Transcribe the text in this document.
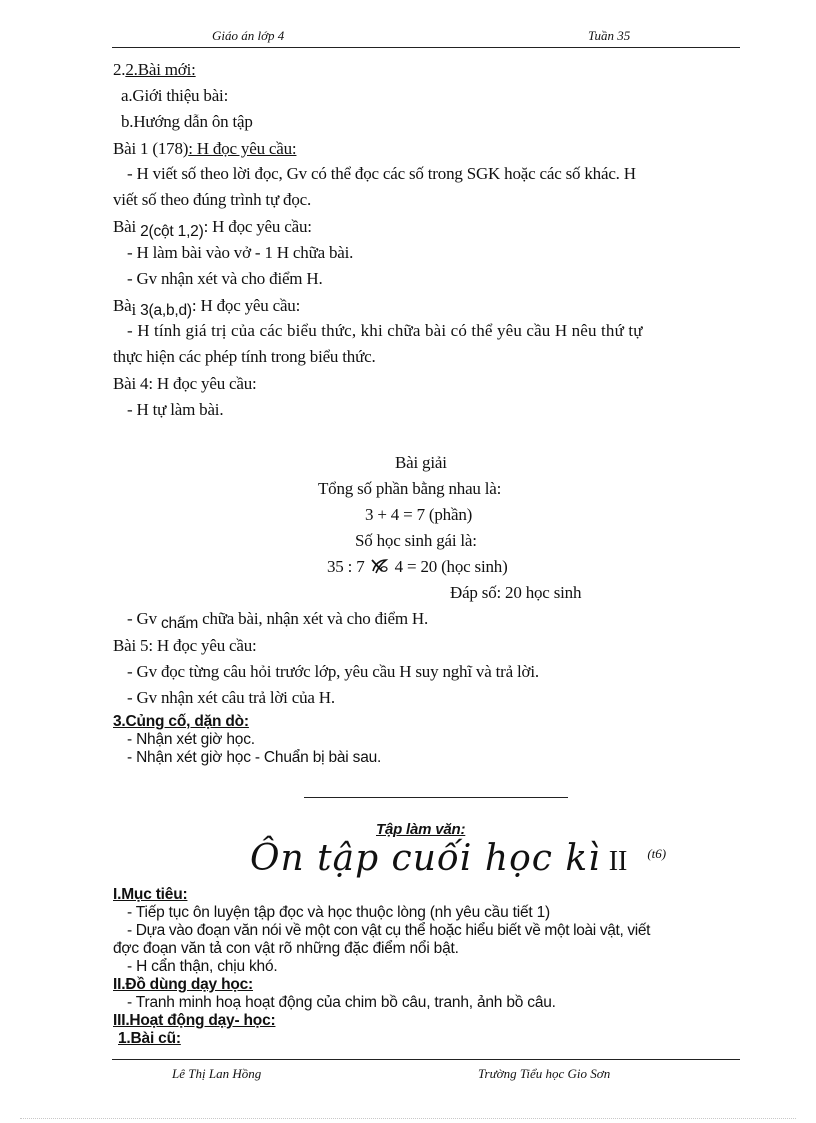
Giáo án lớp 4	Tuần 35
2.2.Bài mới:
a.Giới thiệu bài:
b.Hướng dẫn ôn tập
Bài 1 (178): H đọc yêu cầu:
- H viết số theo lời đọc, Gv có thể đọc các số trong SGK hoặc các số khác. H
viết số theo đúng trình tự đọc.
Bài 2(cột 1,2): H đọc yêu cầu:
- H làm bài vào vở - 1 H chữa bài.
- Gv nhận xét và cho điểm H.
Bài 3(a,b,d): H đọc yêu cầu:
- H tính giá trị của các biểu thức, khi chữa bài có thể yêu cầu H nêu thứ tự
thực hiện các phép tính trong biểu thức.
Bài 4: H đọc yêu cầu:
- H tự làm bài.
Bài giải
Tổng số phần bằng nhau là:
3 + 4 = 7 (phần)
Số học sinh gái là:
35 : 7 4 = 20 (học sinh)
Đáp số: 20 học sinh
- Gv chấm chữa bài, nhận xét và cho điểm H.
Bài 5: H đọc yêu cầu:
- Gv đọc từng câu hỏi trước lớp, yêu cầu H suy nghĩ và trả lời.
- Gv nhận xét câu trả lời của H.
3.Củng cố, dặn dò:
- Nhận xét giờ học.
- Nhận xét giờ học - Chuẩn bị bài sau.
Tập làm văn:
Ôn tập cuối học kì II $^{(t6)}$
I.Mục tiêu:
- Tiếp tục ôn luyện tập đọc và học thuộc lòng (nh yêu cầu tiết 1)
- Dựa vào đoạn văn nói về một con vật cụ thể hoặc hiểu biết về một loài vật, viết
đợc đoạn văn tả con vật rõ những đặc điểm nổi bật.
- H cẩn thận, chịu khó.
II.Đồ dùng dạy học:
- Tranh minh hoạ hoạt động của chim bồ câu, tranh, ảnh bồ câu.
III.Hoạt động dạy- học:
1.Bài cũ:
Lê Thị Lan Hồng	Trường Tiểu học Gio Sơn
